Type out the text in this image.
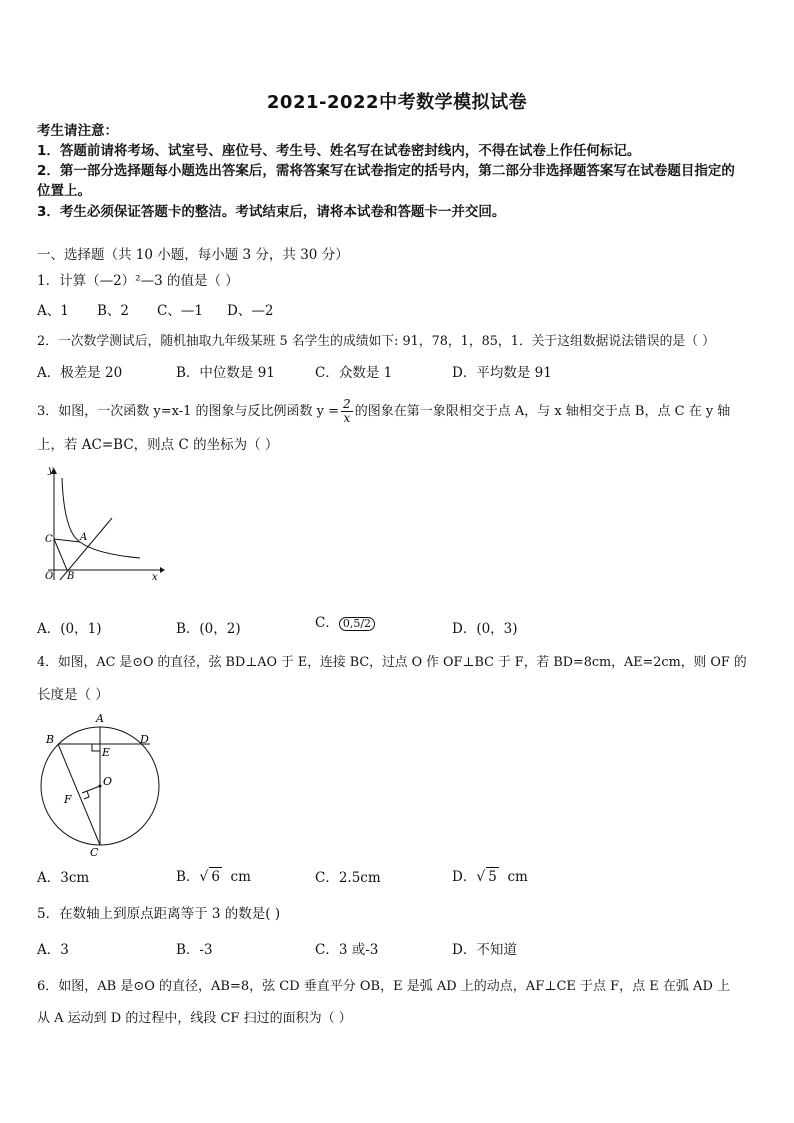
2021-2022中考数学模拟试卷
考生请注意：
1．答题前请将考场、试室号、座位号、考生号、姓名写在试卷密封线内，不得在试卷上作任何标记。
2．第一部分选择题每小题选出答案后，需将答案写在试卷指定的括号内，第二部分非选择题答案写在试卷题目指定的
位置上。
3．考生必须保证答题卡的整洁。考试结束后，请将本试卷和答题卡一并交回。
一、选择题（共 10 小题，每小题 3 分，共 30 分）
1．计算（—2）²—3 的值是（ ）
A、1 B、2 C、—1 D、—2
2．一次数学测试后，随机抽取九年级某班 5 名学生的成绩如下: 91，78，1，85，1．关于这组数据说法错误的是（ ）
A．极差是 20	B．中位数是 91	C．众数是 1	D．平均数是 91
3．如图，一次函数 y=x-1 的图象与反比例函数 $y = \frac{2}{x}$ 的图象在第一象限相交于点 A，与 x 轴相交于点 B，点 C 在 y 轴
上，若 AC=BC，则点 C 的坐标为（ ）
y
x
C	A
O B
A．(0，1)	B．(0，2)	C． 0,5/2	D．(0，3)
4．如图，AC 是⊙O 的直径，弦 BD⊥AO 于 E，连接 BC，过点 O 作 OF⊥BC 于 F，若 BD=8cm，AE=2cm，则 OF 的
长度是（ ）
A
B	D
E
O
F
C
A．3cm	B．√ 6 cm	C．2.5cm	D．√ 5 cm
5．在数轴上到原点距离等于 3 的数是( )
A．3	B．-3	C．3 或-3	D．不知道
6．如图，AB 是⊙O 的直径，AB=8，弦 CD 垂直平分 OB，E 是弧 AD 上的动点，AF⊥CE 于点 F，点 E 在弧 AD 上
从 A 运动到 D 的过程中，线段 CF 扫过的面积为（ ）
